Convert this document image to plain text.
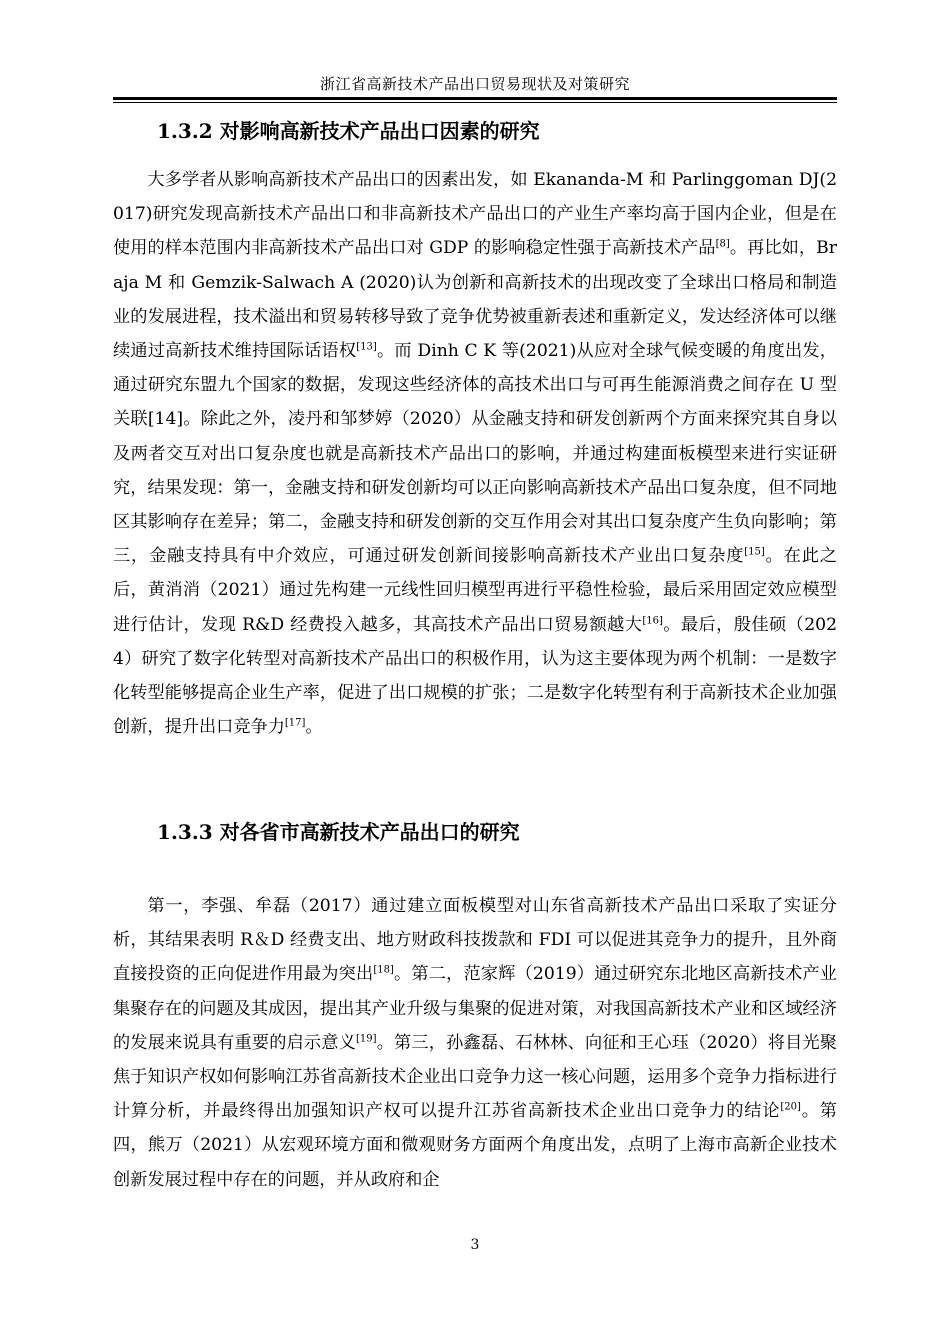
浙江省高新技术产品出口贸易现状及对策研究
1.3.2 对影响高新技术产品出口因素的研究
大多学者从影响高新技术产品出口的因素出发，如 Ekananda-M 和 Parlinggoman DJ(2017)研究发现高新技术产品出口和非高新技术产品出口的产业生产率均高于国内企业，但是在使用的样本范围内非高新技术产品出口对 GDP 的影响稳定性强于高新技术产品[8]。再比如，Braja M 和 Gemzik-Salwach A (2020)认为创新和高新技术的出现改变了全球出口格局和制造业的发展进程，技术溢出和贸易转移导致了竞争优势被重新表述和重新定义，发达经济体可以继续通过高新技术维持国际话语权[13]。而 Dinh C K 等(2021)从应对全球气候变暖的角度出发，通过研究东盟九个国家的数据，发现这些经济体的高技术出口与可再生能源消费之间存在 U 型关联[14]。除此之外，凌丹和邹梦婷（2020）从金融支持和研发创新两个方面来探究其自身以及两者交互对出口复杂度也就是高新技术产品出口的影响，并通过构建面板模型来进行实证研究，结果发现：第一，金融支持和研发创新均可以正向影响高新技术产品出口复杂度，但不同地区其影响存在差异；第二，金融支持和研发创新的交互作用会对其出口复杂度产生负向影响；第三，金融支持具有中介效应，可通过研发创新间接影响高新技术产业出口复杂度[15]。在此之后，黄消消（2021）通过先构建一元线性回归模型再进行平稳性检验，最后采用固定效应模型进行估计，发现 R&D 经费投入越多，其高技术产品出口贸易额越大[16]。最后，殷佳硕（2024）研究了数字化转型对高新技术产品出口的积极作用，认为这主要体现为两个机制：一是数字化转型能够提高企业生产率，促进了出口规模的扩张；二是数字化转型有利于高新技术企业加强创新，提升出口竞争力[17]。
1.3.3 对各省市高新技术产品出口的研究
第一，李强、牟磊（2017）通过建立面板模型对山东省高新技术产品出口采取了实证分析，其结果表明 R＆D 经费支出、地方财政科技拨款和 FDI 可以促进其竞争力的提升，且外商直接投资的正向促进作用最为突出[18]。第二，范家辉（2019）通过研究东北地区高新技术产业集聚存在的问题及其成因，提出其产业升级与集聚的促进对策，对我国高新技术产业和区域经济的发展来说具有重要的启示意义[19]。第三，孙鑫磊、石林林、向征和王心珏（2020）将目光聚焦于知识产权如何影响江苏省高新技术企业出口竞争力这一核心问题，运用多个竞争力指标进行计算分析，并最终得出加强知识产权可以提升江苏省高新技术企业出口竞争力的结论[20]。第四，熊万（2021）从宏观环境方面和微观财务方面两个角度出发，点明了上海市高新企业技术创新发展过程中存在的问题，并从政府和企
3
